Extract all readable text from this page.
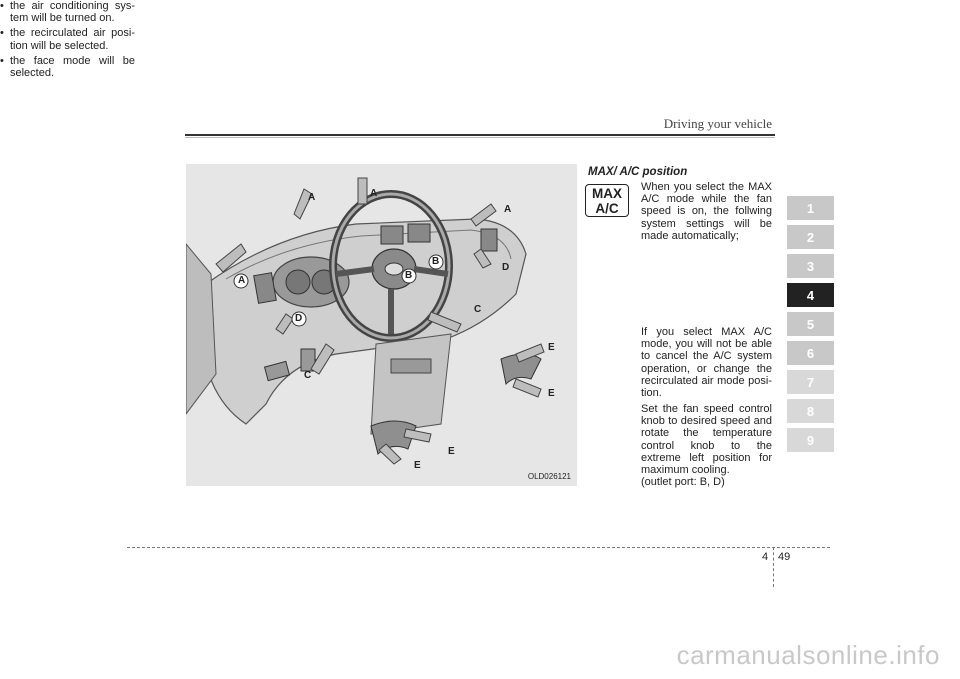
Driving your vehicle
A	A
A
A	B
B
C
C
D
D
E
E
E
E
OLD026121
MAX/ A/C position
MAX
A/C
When you select the MAX A/C mode while the fan speed is on, the follwing system settings will be made automatically;
• the air conditioning sys-tem will be turned on.
• the recirculated air posi-tion will be selected.
• the face mode will be selected.
If you select MAX A/C mode, you will not be able to cancel the A/C system operation, or change the recirculated air mode posi-tion.
Set the fan speed control knob to desired speed and rotate the temperature control knob to the extreme left position for maximum cooling.
(outlet port: B, D)
1
2
3
4
5
6
7
8
9
4 49
carmanualsonline.info
